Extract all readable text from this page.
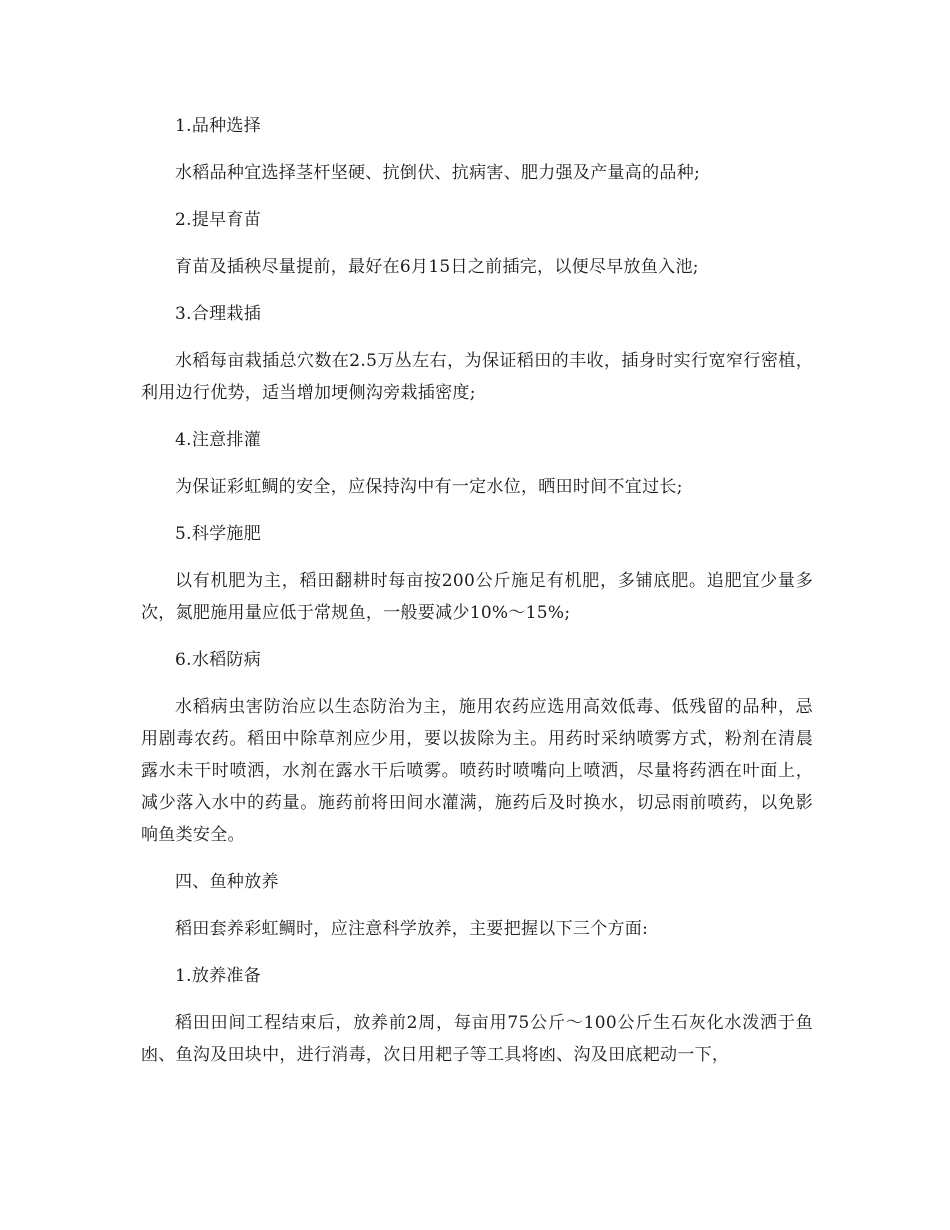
1.品种选择

水稻品种宜选择茎杆坚硬、抗倒伏、抗病害、肥力强及产量高的品种;

2.提早育苗

育苗及插秧尽量提前，最好在6月15日之前插完，以便尽早放鱼入池;

3.合理栽插

水稻每亩栽插总穴数在2.5万丛左右，为保证稻田的丰收，插身时实行宽窄行密植，利用边行优势，适当增加埂侧沟旁栽插密度;

4.注意排灌

为保证彩虹鲷的安全，应保持沟中有一定水位，晒田时间不宜过长;

5.科学施肥

以有机肥为主，稻田翻耕时每亩按200公斤施足有机肥，多铺底肥。追肥宜少量多次，氮肥施用量应低于常规鱼，一般要减少10%～15%;

6.水稻防病

水稻病虫害防治应以生态防治为主，施用农药应选用高效低毒、低残留的品种，忌用剧毒农药。稻田中除草剂应少用，要以拔除为主。用药时采纳喷雾方式，粉剂在清晨露水未干时喷洒，水剂在露水干后喷雾。喷药时喷嘴向上喷洒，尽量将药洒在叶面上，减少落入水中的药量。施药前将田间水灌满，施药后及时换水，切忌雨前喷药，以免影响鱼类安全。

四、鱼种放养

稻田套养彩虹鲷时，应注意科学放养，主要把握以下三个方面:

1.放养准备

稻田田间工程结束后，放养前2周，每亩用75公斤～100公斤生石灰化水泼洒于鱼凼、鱼沟及田块中，进行消毒，次日用耙子等工具将凼、沟及田底耙动一下，
